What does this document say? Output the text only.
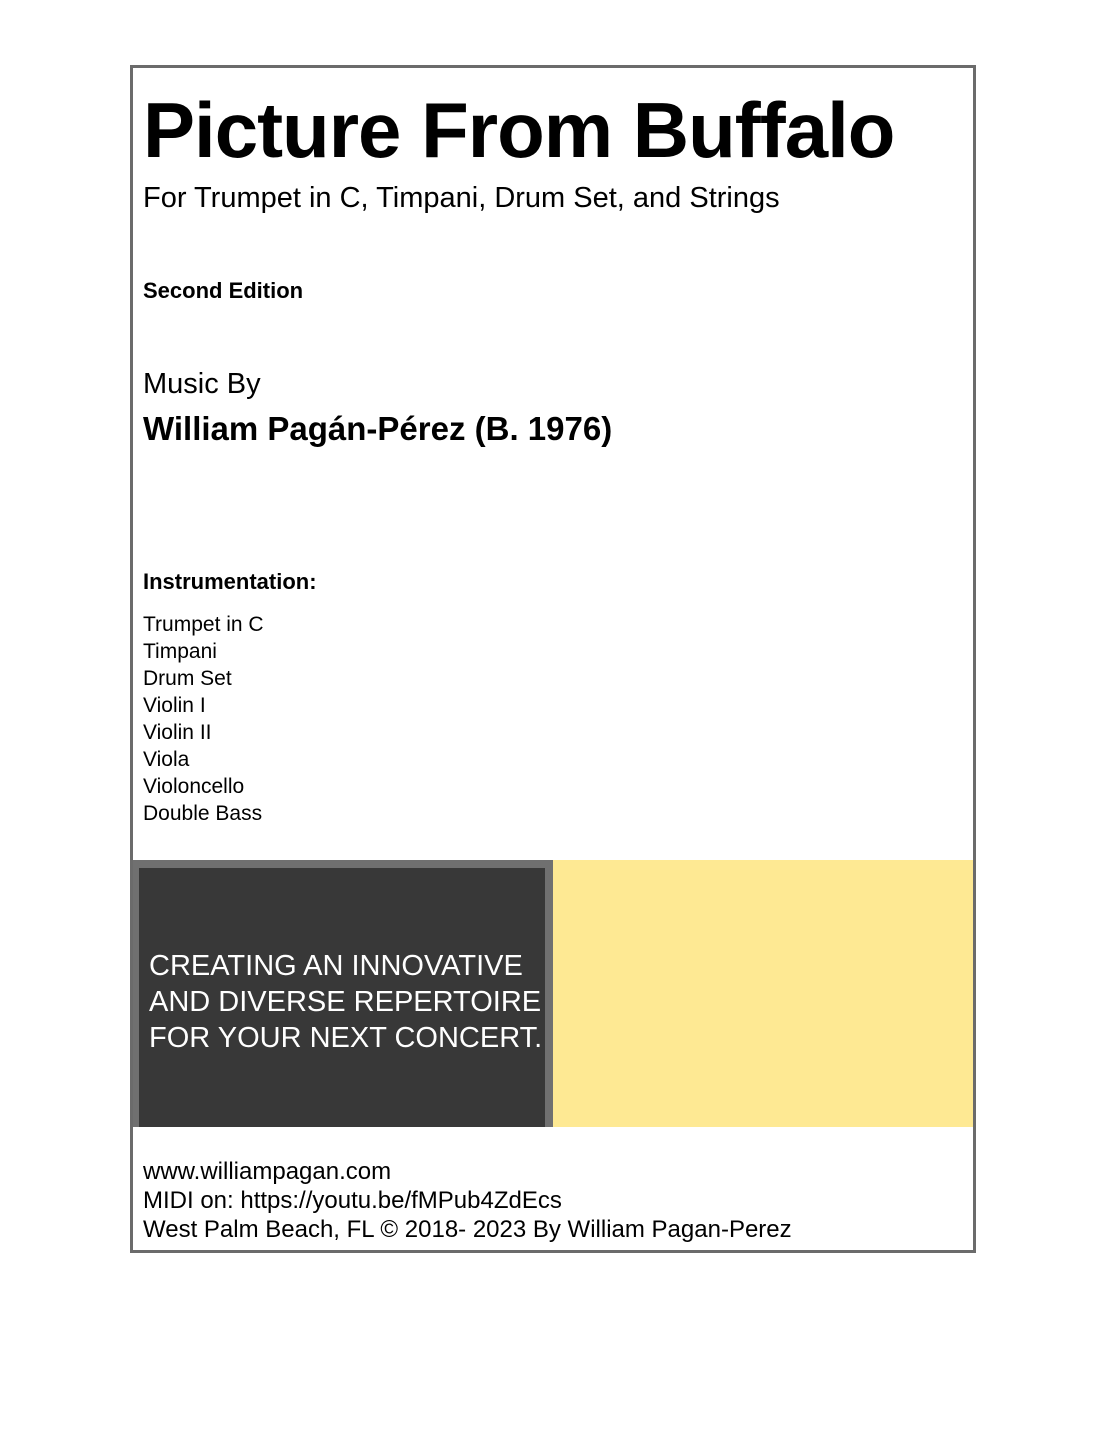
Picture From Buffalo
For Trumpet in C, Timpani, Drum Set, and Strings
Second Edition
Music By
William Pagán-Pérez (B. 1976)
Instrumentation:
Trumpet in C
Timpani
Drum Set
Violin I
Violin II
Viola
Violoncello
Double Bass
CREATING AN INNOVATIVE
AND DIVERSE REPERTOIRE
FOR YOUR NEXT CONCERT.
www.williampagan.com
MIDI on: https://youtu.be/fMPub4ZdEcs
West Palm Beach, FL © 2018- 2023 By William Pagan-Perez
